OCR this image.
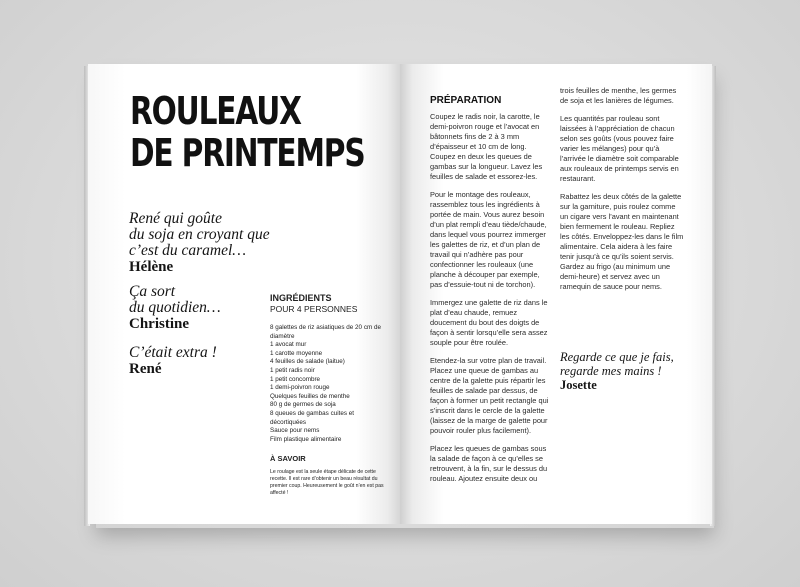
ROULEAUX
DE PRINTEMPS
René qui goûte
du soja en croyant que
c’est du caramel…
Hélène
Ça sort
du quotidien…
Christine
C’était extra !
René
INGRÉDIENTS
POUR 4 PERSONNES
8 galettes de riz asiatiques de 20 cm de diamètre
1 avocat mur
1 carotte moyenne
4 feuilles de salade (laitue)
1 petit radis noir
1 petit concombre
1 demi-poivron rouge
Quelques feuilles de menthe
80 g de germes de soja
8 queues de gambas cuites et décortiquées
Sauce pour nems
Film plastique alimentaire
À SAVOIR
Le roulage est la seule étape délicate de cette recette. Il est rare d’obtenir un beau résultat du premier coup. Heureusement le goût n’en est pas affecté !
PRÉPARATION

Coupez le radis noir, la carotte, le demi-poivron rouge et l’avocat en bâtonnets fins de 2 à 3 mm d’épaisseur et 10 cm de long. Coupez en deux les queues de gambas sur la longueur. Lavez les feuilles de salade et essorez-les.

Pour le montage des rouleaux, rassemblez tous les ingrédients à portée de main. Vous aurez besoin d’un plat rempli d’eau tiède/chaude, dans lequel vous pourrez immerger les galettes de riz, et d’un plan de travail qui n’adhère pas pour confectionner les rouleaux (une planche à découper par exemple, pas d’essuie-tout ni de torchon).

Immergez une galette de riz dans le plat d’eau chaude, remuez doucement du bout des doigts de façon à sentir lorsqu’elle sera assez souple pour être roulée.

Etendez-la sur votre plan de travail. Placez une queue de gambas au centre de la galette puis répartir les feuilles de salade par dessus, de façon à former un petit rectangle qui s’inscrit dans le cercle de la galette (laissez de la marge de galette pour pouvoir rouler plus facilement).

Placez les queues de gambas sous la salade de façon à ce qu’elles se retrouvent, à la fin, sur le dessus du rouleau. Ajoutez ensuite deux ou

trois feuilles de menthe, les germes de soja et les lanières de légumes.

Les quantités par rouleau sont laissées à l’appréciation de chacun selon ses goûts (vous pouvez faire varier les mélanges) pour qu’à l’arrivée le diamètre soit comparable aux rouleaux de printemps servis en restaurant.

Rabattez les deux côtés de la galette sur la garniture, puis roulez comme un cigare vers l’avant en maintenant bien fermement le rouleau. Repliez les côtés. Enveloppez-les dans le film alimentaire. Cela aidera à les faire tenir jusqu’à ce qu’ils soient servis. Gardez au frigo (au minimum une demi-heure) et servez avec un ramequin de sauce pour nems.

Regarde ce que je fais,
regarde mes mains !
Josette
